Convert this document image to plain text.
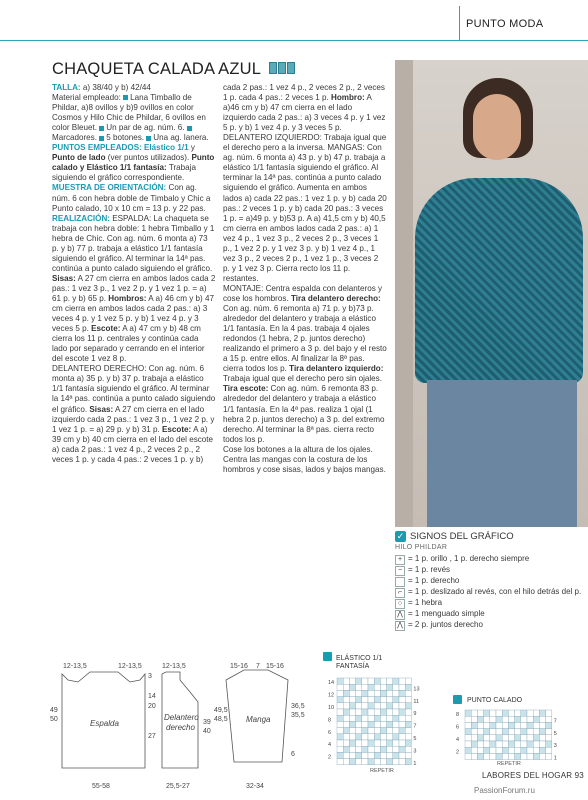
PUNTO MODA
CHAQUETA CALADA AZUL

TALLA: a) 38/40 y b) 42/44

Material empleado: Lana Timballo de Phildar, a)8 ovillos y b)9 ovillos en color Cosmos y Hilo Chic de Phildar, 6 ovillos en color Bleuet. Un par de ag. núm. 6. Marcadores. 5 botones. Una ag. lanera.

PUNTOS EMPLEADOS: Elástico 1/1 y Punto de lado (ver puntos utilizados). Punto calado y Elástico 1/1 fantasía: Trabaja siguiendo el gráfico correspondiente.

MUESTRA DE ORIENTACIÓN: Con ag. núm. 6 con hebra doble de Timbalo y Chic a Punto calado, 10 x 10 cm = 13 p. y 22 pas.

REALIZACIÓN: ESPALDA: La chaqueta se trabaja con hebra doble: 1 hebra Timballo y 1 hebra de Chic. Con ag. núm. 6 monta a) 73 p. y b) 77 p. trabaja a elástico 1/1 fantasía siguiendo el gráfico. Al terminar la 14ª pas. continúa a punto calado siguiendo el gráfico. Sisas: A 27 cm cierra en ambos lados cada 2 pas.: 1 vez 3 p., 1 vez 2 p. y 1 vez 1 p. = a) 61 p. y b) 65 p. Hombros: A a) 46 cm y b) 47 cm cierra en ambos lados cada 2 pas.: a) 3 veces 4 p. y 1 vez 5 p. y b) 1 vez 4 p. y 3 veces 5 p. Escote: A a) 47 cm y b) 48 cm cierra los 11 p. centrales y continúa cada lado por separado y cerrando en el interior del escote 1 vez 8 p.

DELANTERO DERECHO: Con ag. núm. 6 monta a) 35 p. y b) 37 p. trabaja a elástico 1/1 fantasía siguiendo el gráfico. Al terminar la 14ª pas. continúa a punto calado siguiendo el gráfico. Sisas: A 27 cm cierra en el lado izquierdo cada 2 pas.: 1 vez 3 p., 1 vez 2 p. y 1 vez 1 p. = a) 29 p. y b) 31 p. Escote: A a) 39 cm y b) 40 cm cierra en el lado del escote a) cada 2 pas.: 1 vez 4 p., 2 veces 2 p., 2 veces 1 p. y cada 4 pas.: 2 veces 1 p. y b)

cada 2 pas.: 1 vez 4 p., 2 veces 2 p., 2 veces 1 p. cada 4 pas.: 2 veces 1 p. Hombro: A a)46 cm y b) 47 cm cierra en el lado izquierdo cada 2 pas.: a) 3 veces 4 p. y 1 vez 5 p. y b) 1 vez 4 p. y 3 veces 5 p.

DELANTERO IZQUIERDO: Trabaja igual que el derecho pero a la inversa. MANGAS: Con ag. núm. 6 monta a) 43 p. y b) 47 p. trabaja a elástico 1/1 fantasía siguiendo el gráfico. Al terminar la 14ª pas. continúa a punto calado siguiendo el gráfico. Aumenta en ambos lados a) cada 22 pas.: 1 vez 1 p. y b) cada 20 pas.: 2 veces 1 p. y b) cada 20 pas.: 3 veces 1 p. = a)49 p. y b)53 p. A a) 41,5 cm y b) 40,5 cm cierra en ambos lados cada 2 pas.: a) 1 vez 4 p., 1 vez 3 p., 2 veces 2 p., 3 veces 1 p., 1 vez 2 p. y 1 vez 3 p. y b) 1 vez 4 p., 1 vez 3 p., 2 veces 2 p., 1 vez 1 p., 3 veces 2 p. y 1 vez 3 p. Cierra recto los 11 p. restantes.

MONTAJE: Centra espalda con delanteros y cose los hombros. Tira delantero derecho: Con ag. núm. 6 remonta a) 71 p. y b)73 p. alrededor del delantero y trabaja a elástico 1/1 fantasía. En la 4 pas. trabaja 4 ojales redondos (1 hebra, 2 p. juntos derecho) realizando el primero a 3 p. del bajo y el resto a 15 p. entre ellos. Al finalizar la 8ª pas. cierra todos los p. Tira delantero izquierdo: Trabaja igual que el derecho pero sin ojales. Tira escote: Con ag. núm. 6 remonta 83 p. alrededor del delantero y trabaja a elástico 1/1 fantasía. En la 4ª pas. realiza 1 ojal (1 hebra 2 p. juntos derecho) a 3 p. del extremo derecho. Al terminar la 8ª pas. cierra recto todos los p.

Cose los botones a la altura de los ojales. Centra las mangas con la costura de los hombros y cose sisas, lados y bajos mangas.

✓ SIGNOS DEL GRÁFICO
HILO PHILDAR
+ = 1 p. orillo , 1 p. derecho siempre
− = 1 p. revés
= 1 p. derecho
⌐ = 1 p. deslizado al revés, con el hilo detrás del p.
○ = 1 hebra
⋀ = 1 menguado simple
⋀ = 2 p. juntos derecho
12-13,5	12-13,5
3
14
20
27
49
50
55-58
12-13,5
39
40
25,5-27
15-16 7 15-16
36,5
35,5
6
49,5
48,5
32-34
Espalda
Delantero
derecho
Manga
ELÁSTICO 1/1
FANTASÍA
14
12
10
8
6
4
2
13
11
9
7
5
3
1
REPETIR
PUNTO CALADO
8
6
4
2
7
5
3
1
REPETIR
LABORES DEL HOGAR 93
PassionForum.ru
